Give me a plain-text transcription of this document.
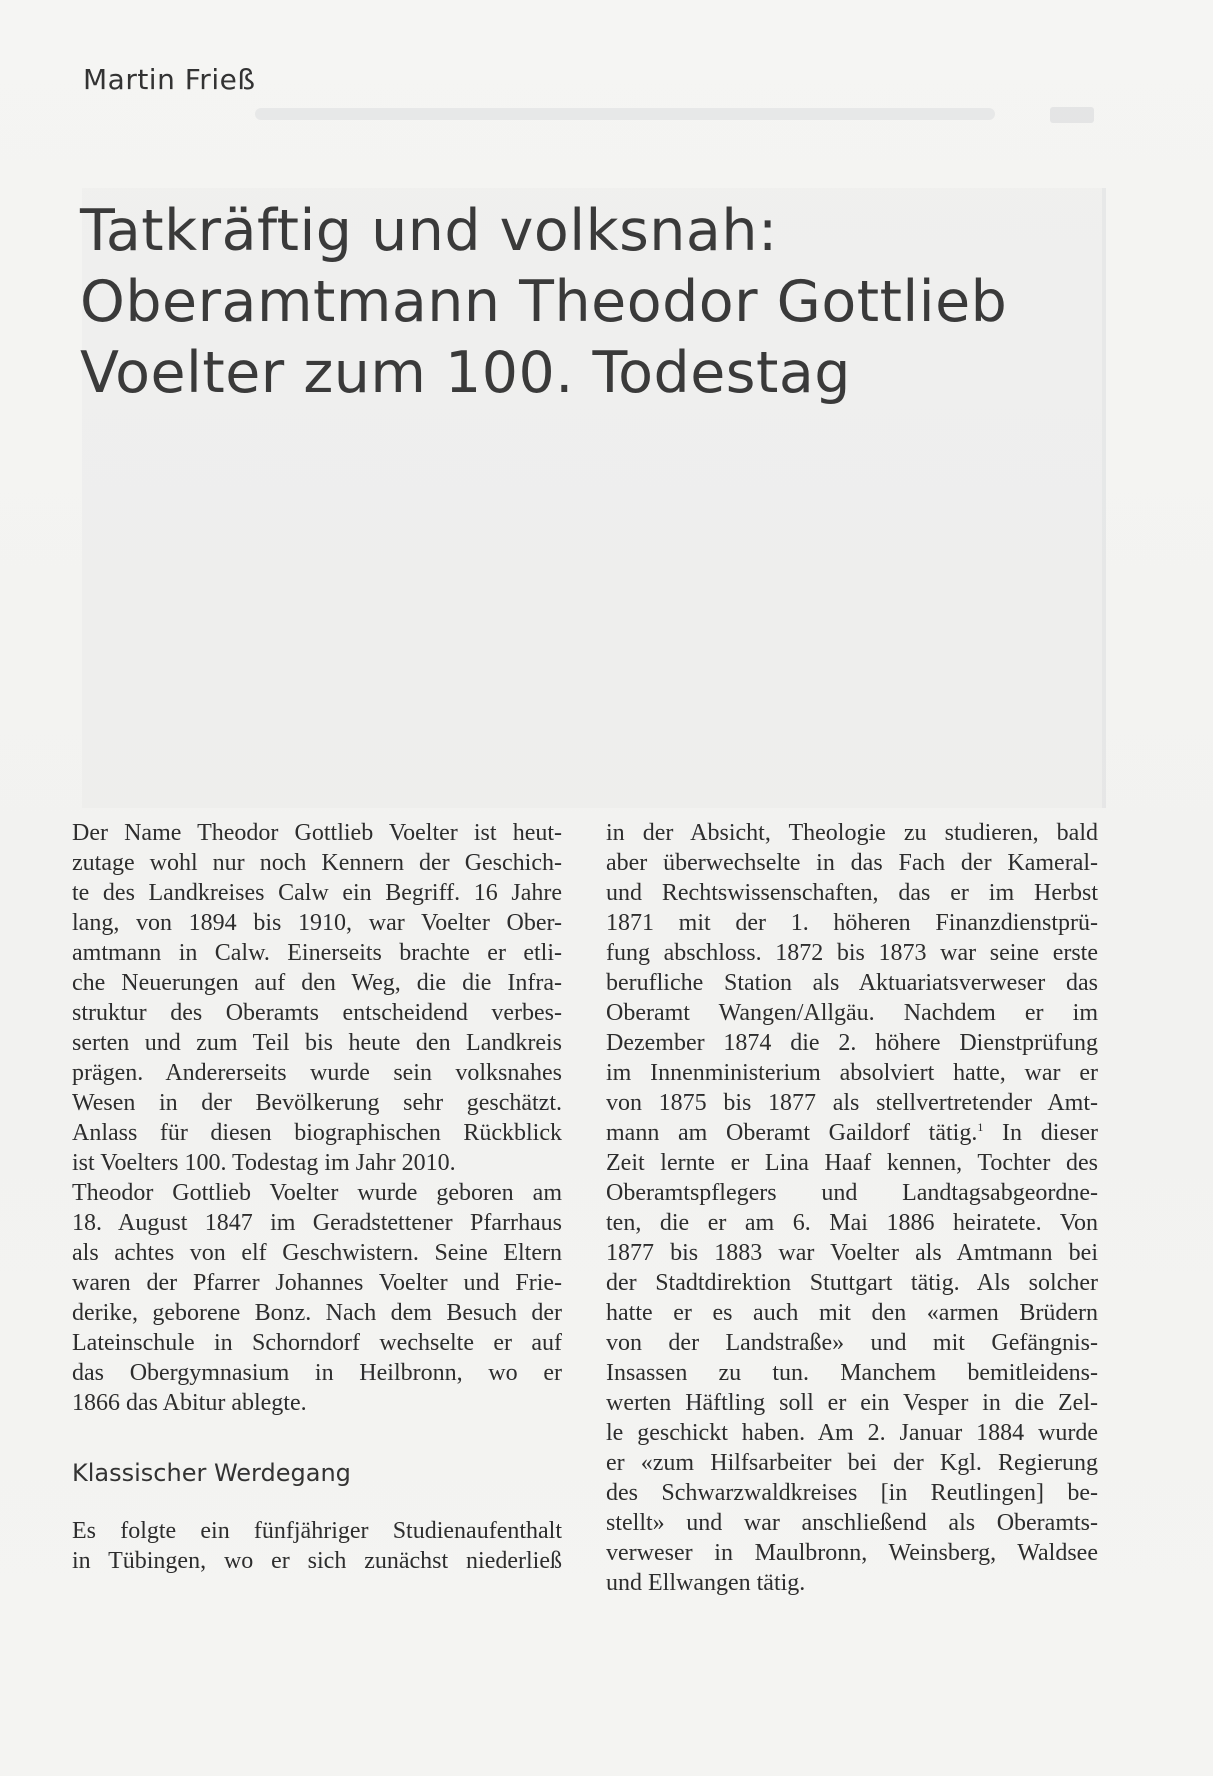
Martin Frieß
Tatkräftig und volksnah:
Oberamtmann Theodor Gottlieb
Voelter zum 100. Todestag
Der Name Theodor Gottlieb Voelter ist heut-
zutage wohl nur noch Kennern der Geschich-
te des Landkreises Calw ein Begriff. 16 Jahre
lang, von 1894 bis 1910, war Voelter Ober-
amtmann in Calw. Einerseits brachte er etli-
che Neuerungen auf den Weg, die die Infra-
struktur des Oberamts entscheidend verbes-
serten und zum Teil bis heute den Landkreis
prägen. Andererseits wurde sein volksnahes
Wesen in der Bevölkerung sehr geschätzt.
Anlass für diesen biographischen Rückblick
ist Voelters 100. Todestag im Jahr 2010.
Theodor Gottlieb Voelter wurde geboren am
18. August 1847 im Geradstettener Pfarrhaus
als achtes von elf Geschwistern. Seine Eltern
waren der Pfarrer Johannes Voelter und Frie-
derike, geborene Bonz. Nach dem Besuch der
Lateinschule in Schorndorf wechselte er auf
das Obergymnasium in Heilbronn, wo er
1866 das Abitur ablegte.
Klassischer Werdegang
Es folgte ein fünfjähriger Studienaufenthalt
in Tübingen, wo er sich zunächst niederließ
in der Absicht, Theologie zu studieren, bald
aber überwechselte in das Fach der Kameral-
und Rechtswissenschaften, das er im Herbst
1871 mit der 1. höheren Finanzdienstprü-
fung abschloss. 1872 bis 1873 war seine erste
berufliche Station als Aktuariatsverweser das
Oberamt Wangen/Allgäu. Nachdem er im
Dezember 1874 die 2. höhere Dienstprüfung
im Innenministerium absolviert hatte, war er
von 1875 bis 1877 als stellvertretender Amt-
mann am Oberamt Gaildorf tätig.$^1$ In dieser
Zeit lernte er Lina Haaf kennen, Tochter des
Oberamtspflegers und Landtagsabgeordne-
ten, die er am 6. Mai 1886 heiratete. Von
1877 bis 1883 war Voelter als Amtmann bei
der Stadtdirektion Stuttgart tätig. Als solcher
hatte er es auch mit den «armen Brüdern
von der Landstraße» und mit Gefängnis-
Insassen zu tun. Manchem bemitleidens-
werten Häftling soll er ein Vesper in die Zel-
le geschickt haben. Am 2. Januar 1884 wurde
er «zum Hilfsarbeiter bei der Kgl. Regierung
des Schwarzwaldkreises [in Reutlingen] be-
stellt» und war anschließend als Oberamts-
verweser in Maulbronn, Weinsberg, Waldsee
und Ellwangen tätig.
